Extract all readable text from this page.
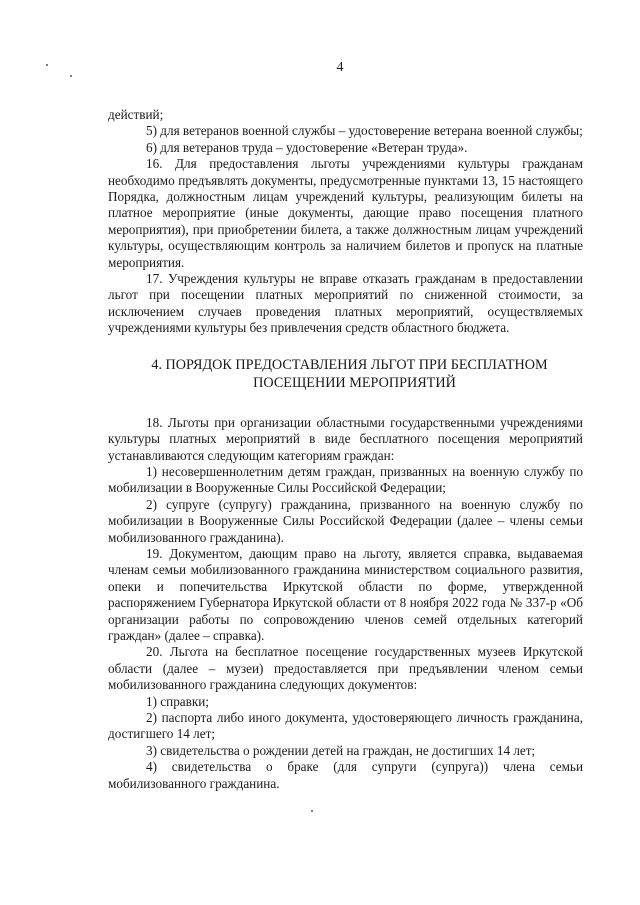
4

действий;

5) для ветеранов военной службы – удостоверение ветерана военной службы;

6) для ветеранов труда – удостоверение «Ветеран труда».

16. Для предоставления льготы учреждениями культуры гражданам необходимо предъявлять документы, предусмотренные пунктами 13, 15 настоящего Порядка, должностным лицам учреждений культуры, реализующим билеты на платное мероприятие (иные документы, дающие право посещения платного мероприятия), при приобретении билета, а также должностным лицам учреждений культуры, осуществляющим контроль за наличием билетов и пропуск на платные мероприятия.

17. Учреждения культуры не вправе отказать гражданам в предоставлении льгот при посещении платных мероприятий по сниженной стоимости, за исключением случаев проведения платных мероприятий, осуществляемых учреждениями культуры без привлечения средств областного бюджета.

4. ПОРЯДОК ПРЕДОСТАВЛЕНИЯ ЛЬГОТ ПРИ БЕСПЛАТНОМ
ПОСЕЩЕНИИ МЕРОПРИЯТИЙ

18. Льготы при организации областными государственными учреждениями культуры платных мероприятий в виде бесплатного посещения мероприятий устанавливаются следующим категориям граждан:

1) несовершеннолетним детям граждан, призванных на военную службу по мобилизации в Вооруженные Силы Российской Федерации;

2) супруге (супругу) гражданина, призванного на военную службу по мобилизации в Вооруженные Силы Российской Федерации (далее – члены семьи мобилизованного гражданина).

19. Документом, дающим право на льготу, является справка, выдаваемая членам семьи мобилизованного гражданина министерством социального развития, опеки и попечительства Иркутской области по форме, утвержденной распоряжением Губернатора Иркутской области от 8 ноября 2022 года № 337-р «Об организации работы по сопровождению членов семей отдельных категорий граждан» (далее – справка).

20. Льгота на бесплатное посещение государственных музеев Иркутской области (далее – музеи) предоставляется при предъявлении членом семьи мобилизованного гражданина следующих документов:

1) справки;

2) паспорта либо иного документа, удостоверяющего личность гражданина, достигшего 14 лет;

3) свидетельства о рождении детей на граждан, не достигших 14 лет;

4) свидетельства о браке (для супруги (супруга)) члена семьи мобилизованного гражданина.
